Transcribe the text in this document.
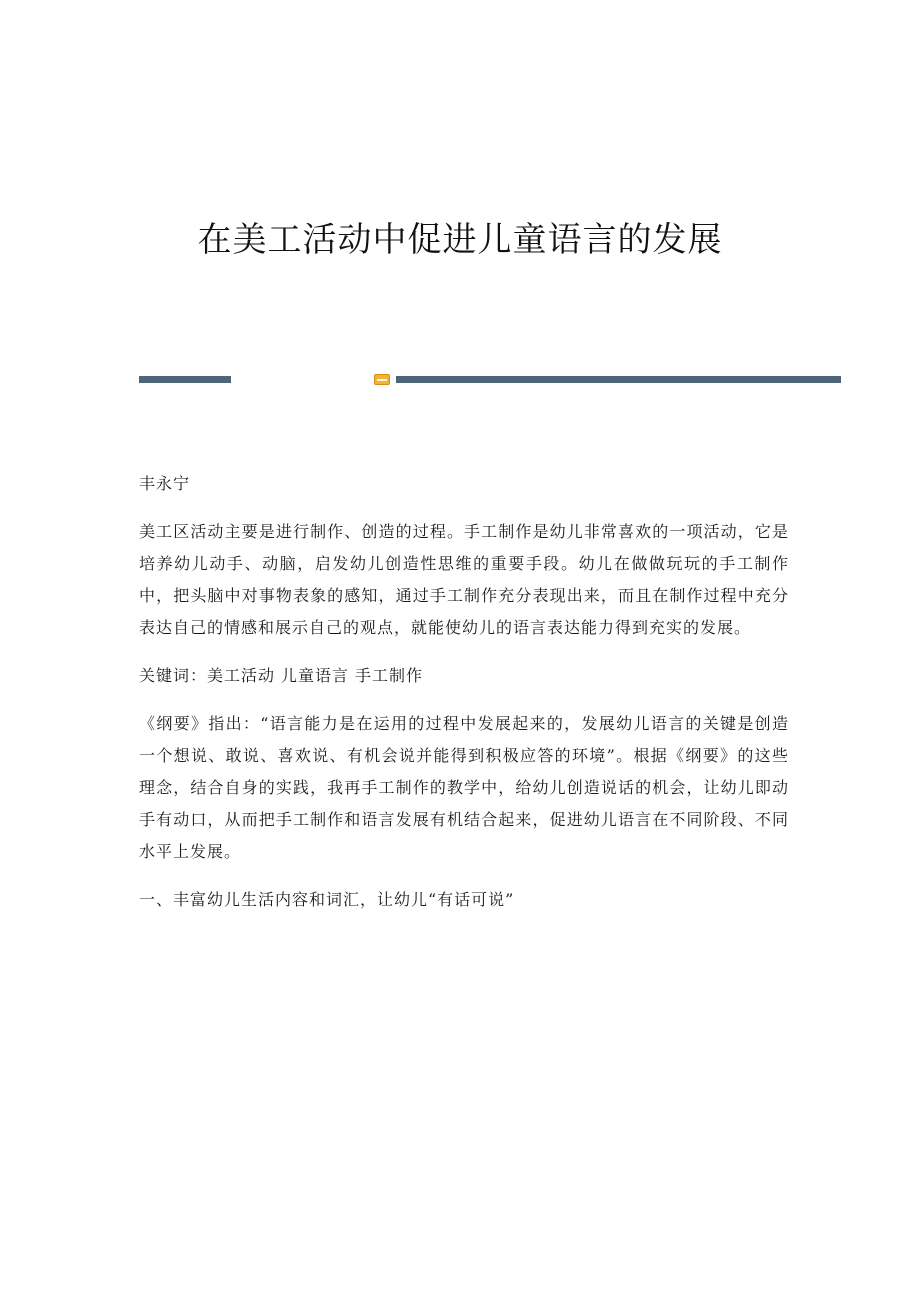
在美工活动中促进儿童语言的发展

丰永宁

美工区活动主要是进行制作、创造的过程。手工制作是幼儿非常喜欢的一项活动，它是培养幼儿动手、动脑，启发幼儿创造性思维的重要手段。幼儿在做做玩玩的手工制作中，把头脑中对事物表象的感知，通过手工制作充分表现出来，而且在制作过程中充分表达自己的情感和展示自己的观点，就能使幼儿的语言表达能力得到充实的发展。

关键词：美工活动 儿童语言 手工制作

《纲要》指出：“语言能力是在运用的过程中发展起来的，发展幼儿语言的关键是创造一个想说、敢说、喜欢说、有机会说并能得到积极应答的环境”。根据《纲要》的这些理念，结合自身的实践，我再手工制作的教学中，给幼儿创造说话的机会，让幼儿即动手有动口，从而把手工制作和语言发展有机结合起来，促进幼儿语言在不同阶段、不同水平上发展。

一、丰富幼儿生活内容和词汇，让幼儿“有话可说”
